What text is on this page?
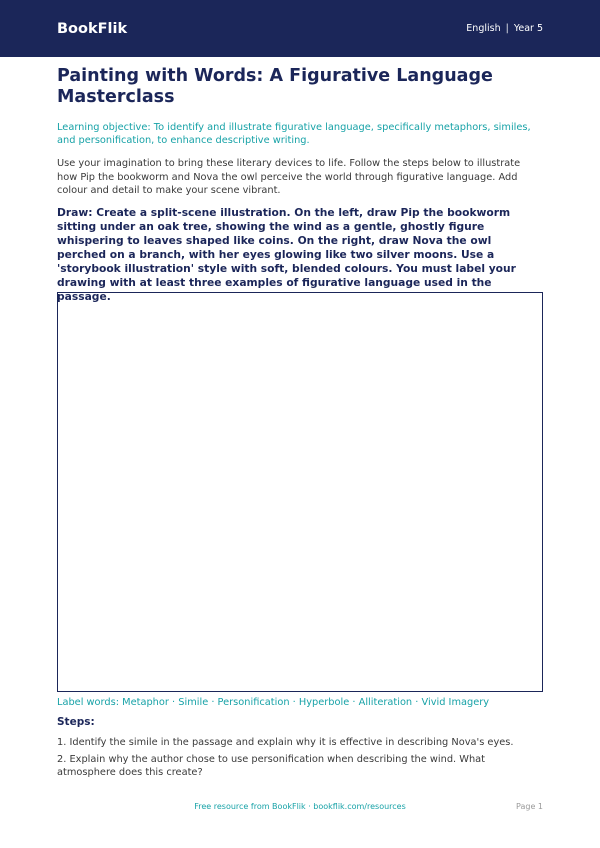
BookFlik	English | Year 5
Painting with Words: A Figurative Language Masterclass

Learning objective: To identify and illustrate figurative language, specifically metaphors, similes, and personification, to enhance descriptive writing.

Use your imagination to bring these literary devices to life. Follow the steps below to illustrate how Pip the bookworm and Nova the owl perceive the world through figurative language. Add colour and detail to make your scene vibrant.

Draw: Create a split-scene illustration. On the left, draw Pip the bookworm sitting under an oak tree, showing the wind as a gentle, ghostly figure whispering to leaves shaped like coins. On the right, draw Nova the owl perched on a branch, with her eyes glowing like two silver moons. Use a 'storybook illustration' style with soft, blended colours. You must label your drawing with at least three examples of figurative language used in the passage.

Label words: Metaphor · Simile · Personification · Hyperbole · Alliteration · Vivid Imagery

Steps:
1. Identify the simile in the passage and explain why it is effective in describing Nova's eyes.
2. Explain why the author chose to use personification when describing the wind. What atmosphere does this create?
Free resource from BookFlik · bookflik.com/resources	Page 1
